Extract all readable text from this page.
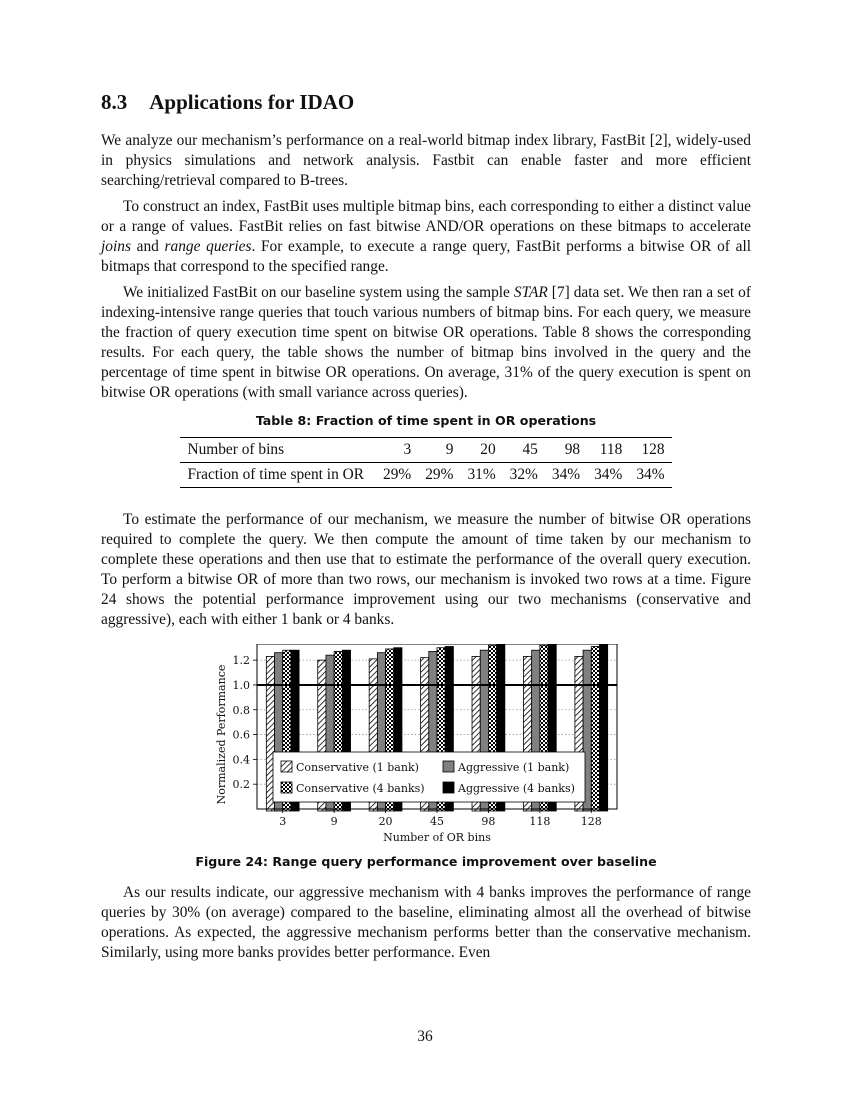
8.3 Applications for IDAO

We analyze our mechanism’s performance on a real-world bitmap index library, FastBit [2], widely-used in physics simulations and network analysis. Fastbit can enable faster and more efficient searching/retrieval compared to B-trees.

To construct an index, FastBit uses multiple bitmap bins, each corresponding to either a distinct value or a range of values. FastBit relies on fast bitwise AND/OR operations on these bitmaps to accelerate joins and range queries. For example, to execute a range query, FastBit performs a bitwise OR of all bitmaps that correspond to the specified range.

We initialized FastBit on our baseline system using the sample STAR [7] data set. We then ran a set of indexing-intensive range queries that touch various numbers of bitmap bins. For each query, we measure the fraction of query execution time spent on bitwise OR operations. Table 8 shows the corresponding results. For each query, the table shows the number of bitmap bins involved in the query and the percentage of time spent in bitwise OR operations. On average, 31% of the query execution is spent on bitwise OR operations (with small variance across queries).

Table 8: Fraction of time spent in OR operations
Number of bins	3	9	20	45	98	118	128
Fraction of time spent in OR	29%	29%	31%	32%	34%	34%	34%

To estimate the performance of our mechanism, we measure the number of bitwise OR operations required to complete the query. We then compute the amount of time taken by our mechanism to complete these operations and then use that to estimate the performance of the overall query execution. To perform a bitwise OR of more than two rows, our mechanism is invoked two rows at a time. Figure 24 shows the potential performance improvement using our two mechanisms (conservative and aggressive), each with either 1 bank or 4 banks.

3	9	20	45	98	118	128
0.2
0.4
0.6
0.8
1.0
1.2
Number of OR bins
Normalized Performance	Conservative (1 bank)	Aggressive (1 bank)
Conservative (4 banks)	Aggressive (4 banks)
Figure 24: Range query performance improvement over baseline

As our results indicate, our aggressive mechanism with 4 banks improves the performance of range queries by 30% (on average) compared to the baseline, eliminating almost all the overhead of bitwise operations. As expected, the aggressive mechanism performs better than the conservative mechanism. Similarly, using more banks provides better performance. Even

36
